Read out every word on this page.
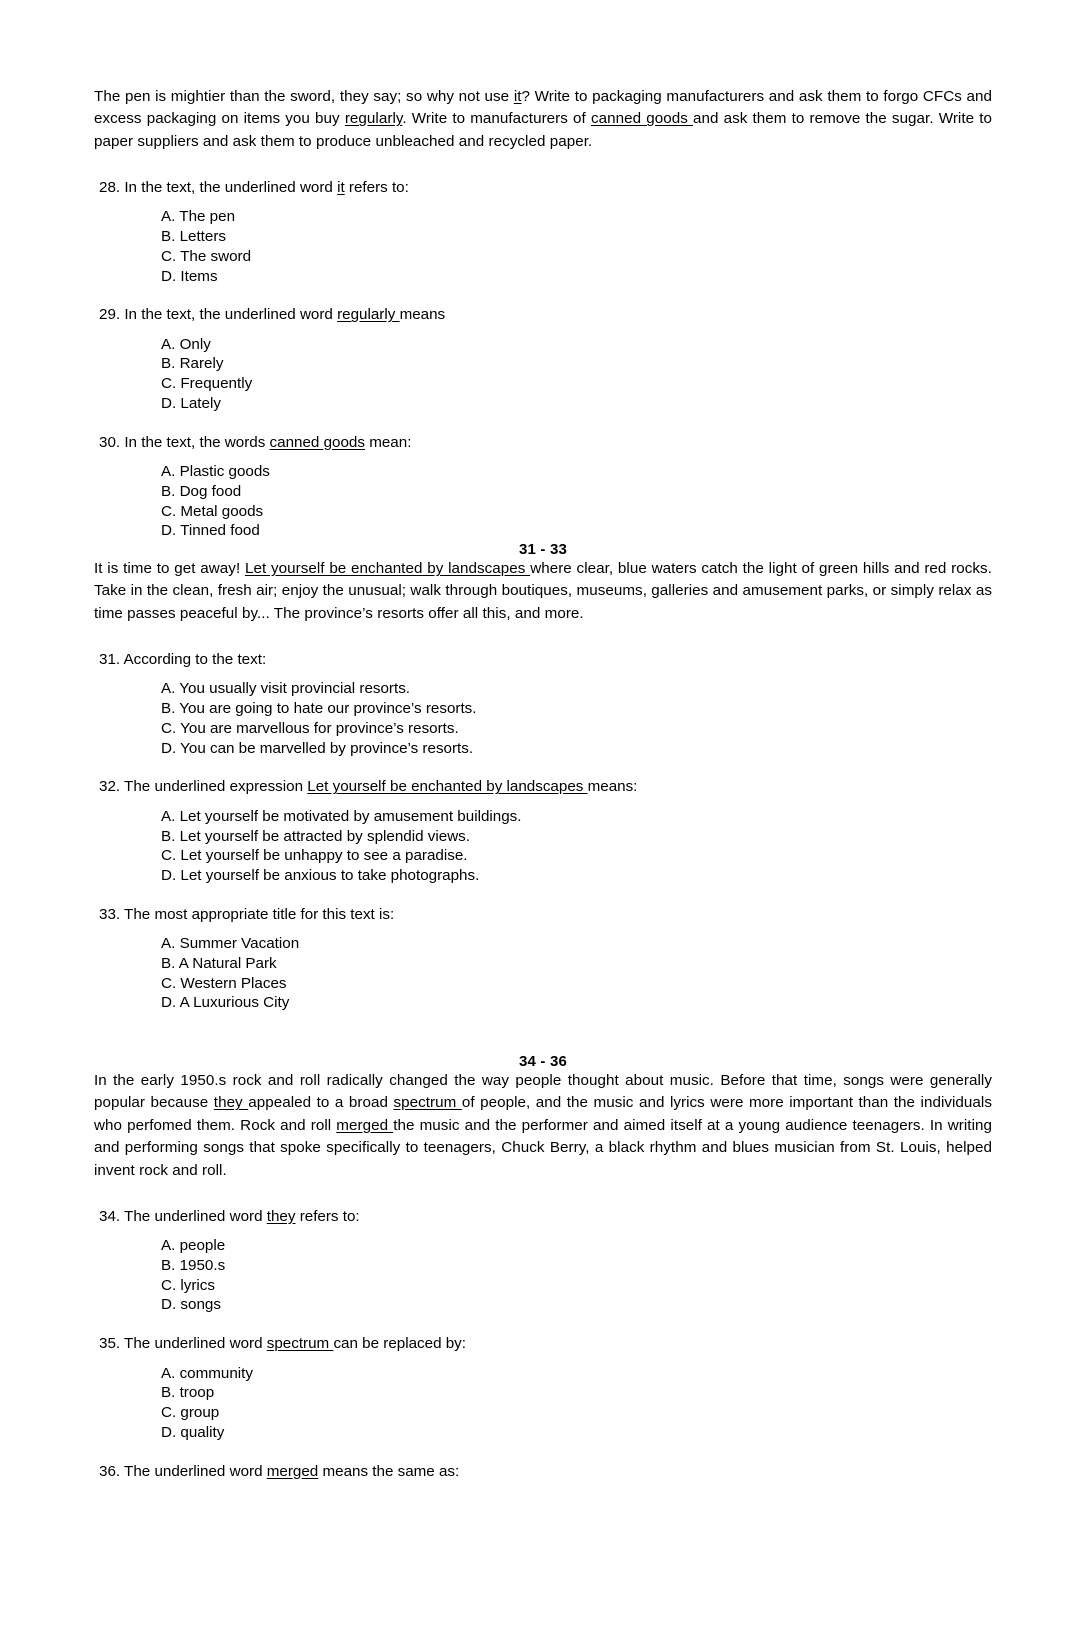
The pen is mightier than the sword, they say; so why not use it? Write to packaging manufacturers and ask them to forgo CFCs and excess packaging on items you buy regularly. Write to manufacturers of canned goods and ask them to remove the sugar. Write to paper suppliers and ask them to produce unbleached and recycled paper.

28. In the text, the underlined word it refers to:

A. The pen
B. Letters
C. The sword
D. Items

29. In the text, the underlined word regularly means

A. Only
B. Rarely
C. Frequently
D. Lately

30. In the text, the words canned goods mean:

A. Plastic goods
B. Dog food
C. Metal goods
D. Tinned food

31 - 33

It is time to get away! Let yourself be enchanted by landscapes where clear, blue waters catch the light of green hills and red rocks. Take in the clean, fresh air; enjoy the unusual; walk through boutiques, museums, galleries and amusement parks, or simply relax as time passes peaceful by... The province’s resorts offer all this, and more.

31. According to the text:

A. You usually visit provincial resorts.
B. You are going to hate our province’s resorts.
C. You are marvellous for province’s resorts.
D. You can be marvelled by province’s resorts.

32. The underlined expression Let yourself be enchanted by landscapes means:

A. Let yourself be motivated by amusement buildings.
B. Let yourself be attracted by splendid views.
C. Let yourself be unhappy to see a paradise.
D. Let yourself be anxious to take photographs.

33. The most appropriate title for this text is:

A. Summer Vacation
B. A Natural Park
C. Western Places
D. A Luxurious City

34 - 36

In the early 1950.s rock and roll radically changed the way people thought about music. Before that time, songs were generally popular because they appealed to a broad spectrum of people, and the music and lyrics were more important than the individuals who perfomed them. Rock and roll merged the music and the performer and aimed itself at a young audience teenagers. In writing and performing songs that spoke specifically to teenagers, Chuck Berry, a black rhythm and blues musician from St. Louis, helped invent rock and roll.

34. The underlined word they refers to:

A. people
B. 1950.s
C. lyrics
D. songs

35. The underlined word spectrum can be replaced by:

A. community
B. troop
C. group
D. quality

36. The underlined word merged means the same as:
